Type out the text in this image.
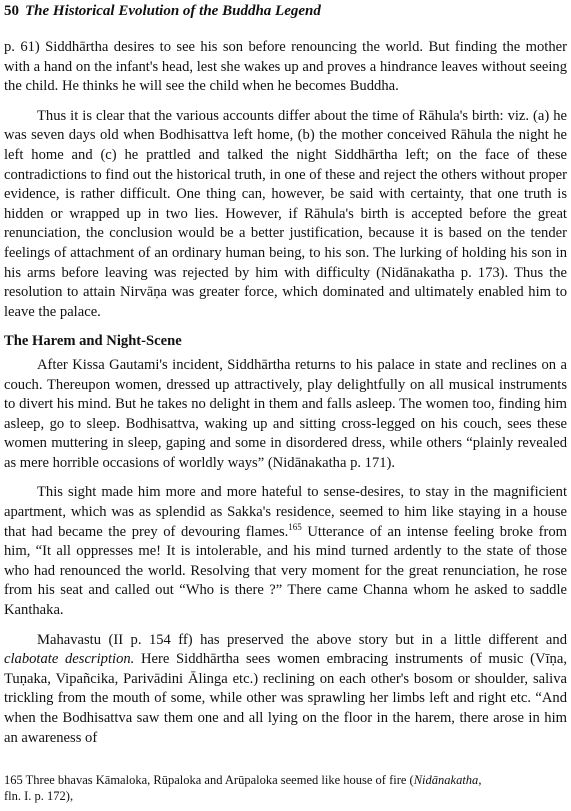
50 The Historical Evolution of the Buddha Legend

p. 61) Siddhārtha desires to see his son before renouncing the world. But finding the mother with a hand on the infant's head, lest she wakes up and proves a hindrance leaves without seeing the child. He thinks he will see the child when he becomes Buddha.

Thus it is clear that the various accounts differ about the time of Rāhula's birth: viz. (a) he was seven days old when Bodhisattva left home, (b) the mother conceived Rāhula the night he left home and (c) he prattled and talked the night Siddhārtha left; on the face of these contradictions to find out the historical truth, in one of these and reject the others without proper evidence, is rather difficult. One thing can, however, be said with certainty, that one truth is hidden or wrapped up in two lies. However, if Rāhula's birth is accepted before the great renunciation, the conclusion would be a better justification, because it is based on the tender feelings of attachment of an ordinary human being, to his son. The lurking of holding his son in his arms before leaving was rejected by him with difficulty (Nidānakatha p. 173). Thus the resolution to attain Nirvāṇa was greater force, which dominated and ultimately enabled him to leave the palace.

The Harem and Night-Scene

After Kissa Gautami's incident, Siddhārtha returns to his palace in state and reclines on a couch. Thereupon women, dressed up attractively, play delightfully on all musical instruments to divert his mind. But he takes no delight in them and falls asleep. The women too, finding him asleep, go to sleep. Bodhisattva, waking up and sitting cross-legged on his couch, sees these women muttering in sleep, gaping and some in disordered dress, while others “plainly revealed as mere horrible occasions of worldly ways” (Nidānakatha p. 171).

This sight made him more and more hateful to sense-desires, to stay in the magnificient apartment, which was as splendid as Sakka's residence, seemed to him like staying in a house that had became the prey of devouring flames.$^{165}$ Utterance of an intense feeling broke from him, “It all oppresses me! It is intolerable, and his mind turned ardently to the state of those who had renounced the world. Resolving that very moment for the great renunciation, he rose from his seat and called out “Who is there ?” There came Channa whom he asked to saddle Kanthaka.

Mahavastu (II p. 154 ff) has preserved the above story but in a little different and clabotate description. Here Siddhārtha sees women embracing instruments of music (Vīṇa, Tuṇaka, Vipañcika, Parivādini Ālinga etc.) reclining on each other's bosom or shoulder, saliva trickling from the mouth of some, while other was sprawling her limbs left and right etc. “And when the Bodhisattva saw them one and all lying on the floor in the harem, there arose in him an awareness of

165 Three bhavas Kāmaloka, Rūpaloka and Arūpaloka seemed like house of fire (Nidānakatha,
fln. I. p. 172),
